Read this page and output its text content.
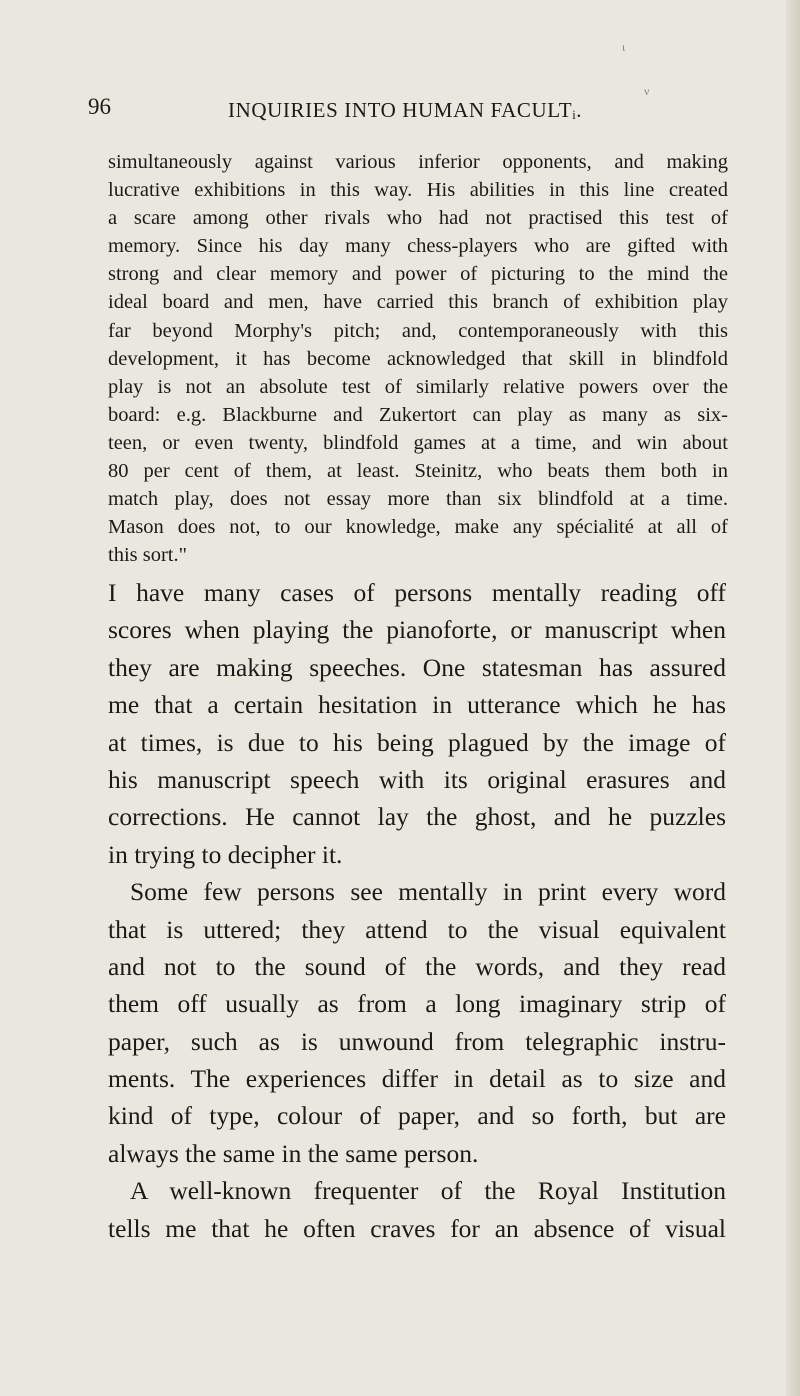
ι
ν
96	INQUIRIES INTO HUMAN FACULTᵢ.
simultaneously against various inferior opponents, and making
lucrative exhibitions in this way. His abilities in this line created
a scare among other rivals who had not practised this test of
memory. Since his day many chess-players who are gifted with
strong and clear memory and power of picturing to the mind the
ideal board and men, have carried this branch of exhibition play
far beyond Morphy's pitch; and, contemporaneously with this
development, it has become acknowledged that skill in blindfold
play is not an absolute test of similarly relative powers over the
board: e.g. Blackburne and Zukertort can play as many as six-
teen, or even twenty, blindfold games at a time, and win about
80 per cent of them, at least. Steinitz, who beats them both in
match play, does not essay more than six blindfold at a time.
Mason does not, to our knowledge, make any spécialité at all of
this sort."
I have many cases of persons mentally reading off
scores when playing the pianoforte, or manuscript when
they are making speeches. One statesman has assured
me that a certain hesitation in utterance which he has
at times, is due to his being plagued by the image of
his manuscript speech with its original erasures and
corrections. He cannot lay the ghost, and he puzzles
in trying to decipher it.
Some few persons see mentally in print every word
that is uttered; they attend to the visual equivalent
and not to the sound of the words, and they read
them off usually as from a long imaginary strip of
paper, such as is unwound from telegraphic instru-
ments. The experiences differ in detail as to size and
kind of type, colour of paper, and so forth, but are
always the same in the same person.
A well-known frequenter of the Royal Institution
tells me that he often craves for an absence of visual
